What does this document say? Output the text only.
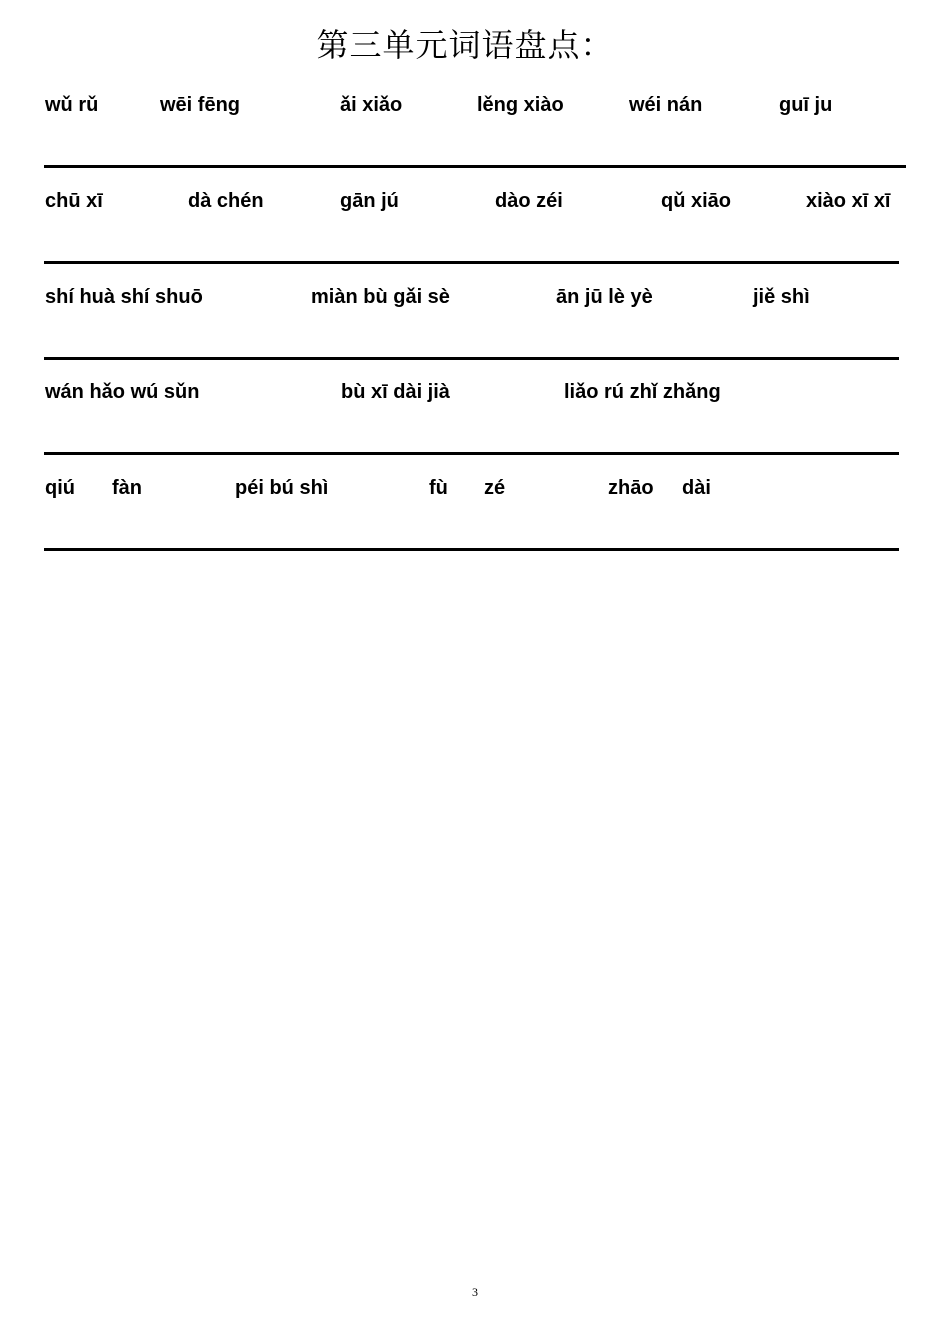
第三单元词语盘点：
wǔ rǔ	wēi fēng	ǎi xiǎo	lěng xiào	wéi nán	guī ju
chū xī	dà chén	gān jú	dào zéi	qǔ xiāo	xiào xī xī
shí huà shí shuō	miàn bù gǎi sè	ān jū lè yè	jiě shì
wán hǎo wú sǔn	bù xī dài jià	liǎo rú zhǐ zhǎng
qiú fàn	péi bú shì	fù zé	zhāo dài
3
